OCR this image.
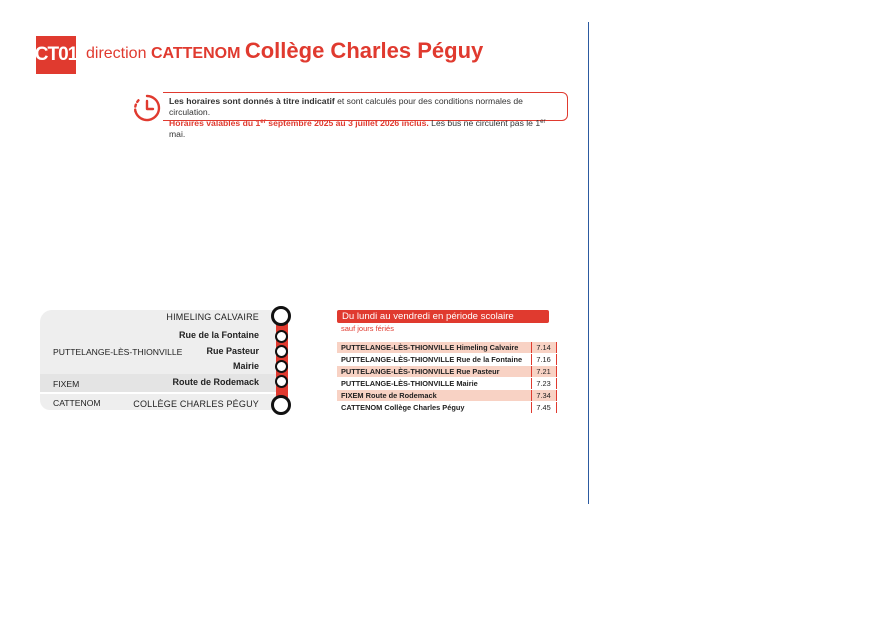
CT01 direction CATTENOM Collège Charles Péguy
Les horaires sont donnés à titre indicatif et sont calculés pour des conditions normales de circulation.
Horaires valables du 1er septembre 2025 au 3 juillet 2026 inclus. Les bus ne circulent pas le 1er mai.
HIMELING CALVAIRE
Rue de la Fontaine
Rue Pasteur
Mairie
Route de Rodemack
COLLÈGE CHARLES PÉGUY
PUTTELANGE-LÈS-THIONVILLE
FIXEM
CATTENOM
Du lundi au vendredi en période scolaire
sauf jours fériés
PUTTELANGE-LÈS-THIONVILLE Himeling Calvaire	7.14
PUTTELANGE-LÈS-THIONVILLE Rue de la Fontaine	7.16
PUTTELANGE-LÈS-THIONVILLE Rue Pasteur	7.21
PUTTELANGE-LÈS-THIONVILLE Mairie	7.23
FIXEM Route de Rodemack	7.34
CATTENOM Collège Charles Péguy	7.45
